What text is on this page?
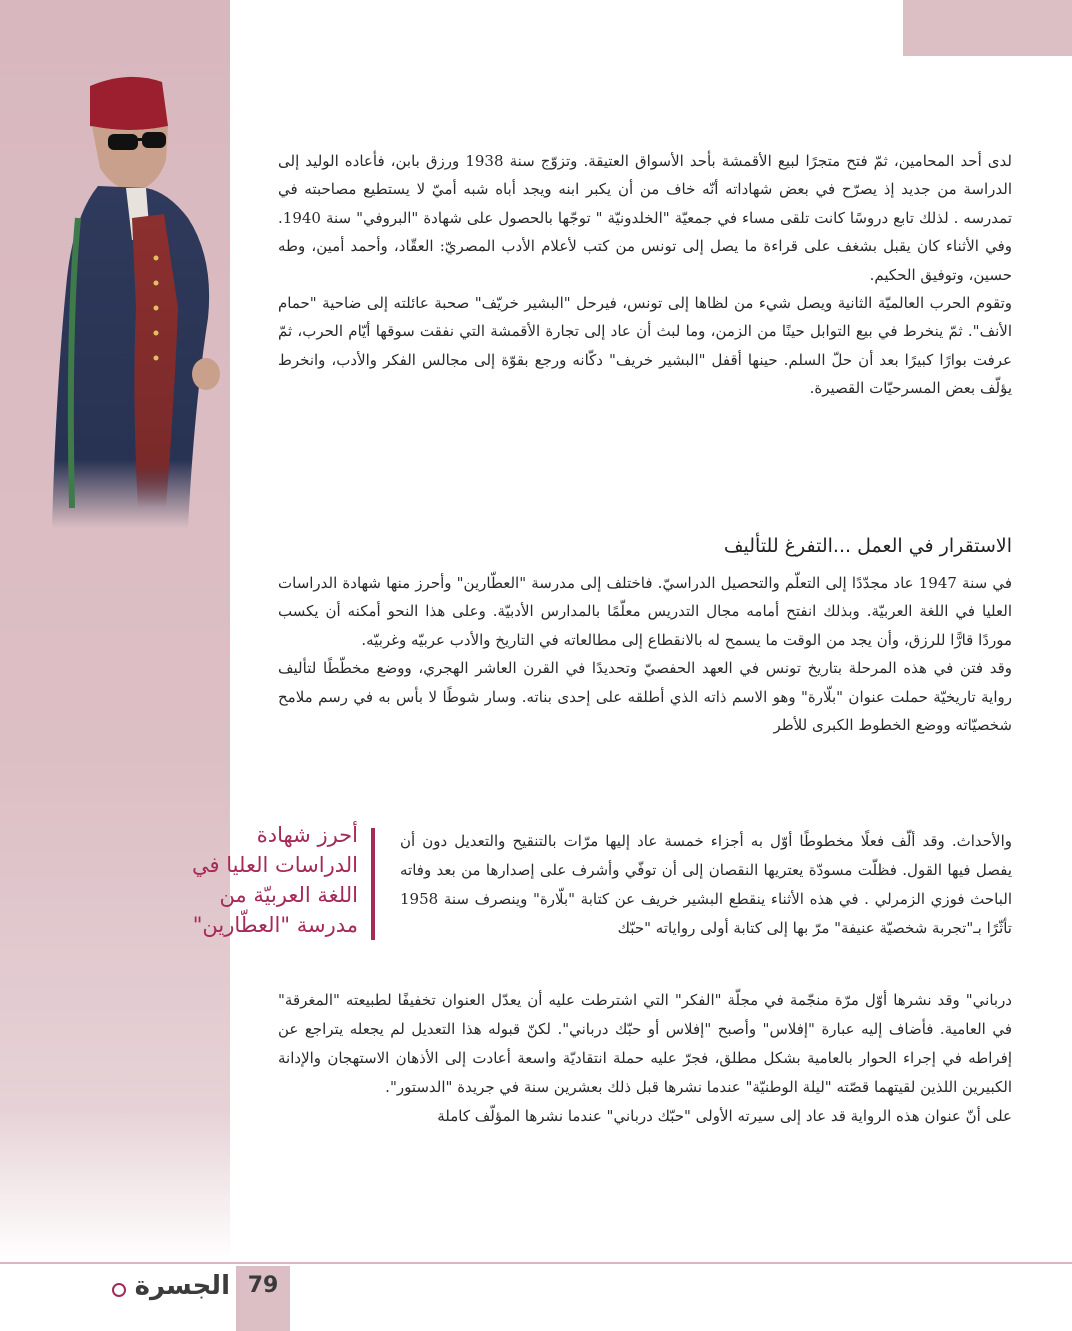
لدى أحد المحامين، ثمّ فتح متجرًا لبيع الأقمشة بأحد الأسواق العتيقة. وتزوّج سنة 1938 ورزق بابن، فأعاده الوليد إلى الدراسة من جديد إذ يصرّح في بعض شهاداته أنّه خاف من أن يكبر ابنه ويجد أباه شبه أميّ لا يستطيع مصاحبته في تمدرسه . لذلك تابع دروسًا كانت تلقى مساء في جمعيّة "الخلدونيّة " توجّها بالحصول على شهادة "البروفي" سنة 1940. وفي الأثناء كان يقبل بشغف على قراءة ما يصل إلى تونس من كتب لأعلام الأدب المصريّ: العقّاد، وأحمد أمين، وطه حسين، وتوفيق الحكيم.

وتقوم الحرب العالميّة الثانية ويصل شيء من لظاها إلى تونس، فيرحل "البشير خريّف" صحبة عائلته إلى ضاحية "حمام الأنف". ثمّ ينخرط في بيع التوابل حينًا من الزمن، وما لبث أن عاد إلى تجارة الأقمشة التي نفقت سوقها أيّام الحرب، ثمّ عرفت بوارًا كبيرًا بعد أن حلّ السلم. حينها أقفل "البشير خريف" دكّانه ورجع بقوّة إلى مجالس الفكر والأدب، وانخرط يؤلّف بعض المسرحيّات القصيرة.

الاستقرار في العمل ...التفرغ للتأليف

في سنة 1947 عاد مجدّدًا إلى التعلّم والتحصيل الدراسيّ. فاختلف إلى مدرسة "العطّارين" وأحرز منها شهادة الدراسات العليا في اللغة العربيّة. وبذلك انفتح أمامه مجال التدريس معلّمًا بالمدارس الأدبيّة. وعلى هذا النحو أمكنه أن يكسب موردًا قارًّا للرزق، وأن يجد من الوقت ما يسمح له بالانقطاع إلى مطالعاته في التاريخ والأدب عربيّه وغربيّه.

وقد فتن في هذه المرحلة بتاريخ تونس في العهد الحفصيّ وتحديدًا في القرن العاشر الهجري، ووضع مخطّطًا لتأليف رواية تاريخيّة حملت عنوان "بلّارة" وهو الاسم ذاته الذي أطلقه على إحدى بناته. وسار شوطًا لا بأس به في رسم ملامح شخصيّاته ووضع الخطوط الكبرى للأطر

والأحداث. وقد ألّف فعلًا مخطوطًا أوّل به أجزاء خمسة عاد إليها مرّات بالتنقيح والتعديل دون أن يفصل فيها القول. فظلّت مسودّة يعتريها النقصان إلى أن توفّي وأشرف على إصدارها من بعد وفاته الباحث فوزي الزمرلي . في هذه الأثناء ينقطع البشير خريف عن كتابة "بلّارة" وينصرف سنة 1958 تأثّرًا بـ"تجربة شخصيّة عنيفة" مرّ بها إلى كتابة أولى رواياته "حبّك

درباني" وقد نشرها أوّل مرّة منجّمة في مجلّة "الفكر" التي اشترطت عليه أن يعدّل العنوان تخفيفًا لطبيعته "المغرقة" في العامية. فأضاف إليه عبارة "إفلاس" وأصبح "إفلاس أو حبّك درباني". لكنّ قبوله هذا التعديل لم يجعله يتراجع عن إفراطه في إجراء الحوار بالعامية بشكل مطلق، فجرّ عليه حملة انتقاديّة واسعة أعادت إلى الأذهان الاستهجان والإدانة الكبيرين اللذين لقيتهما قصّته "ليلة الوطنيّة" عندما نشرها قبل ذلك بعشرين سنة في جريدة "الدستور".

على أنّ عنوان هذه الرواية قد عاد إلى سيرته الأولى "حبّك درباني" عندما نشرها المؤلّف كاملة

أحرز شهادة
الدراسات العليا في
اللغة العربيّة من
مدرسة "العطّارين"
79
الجسرة
